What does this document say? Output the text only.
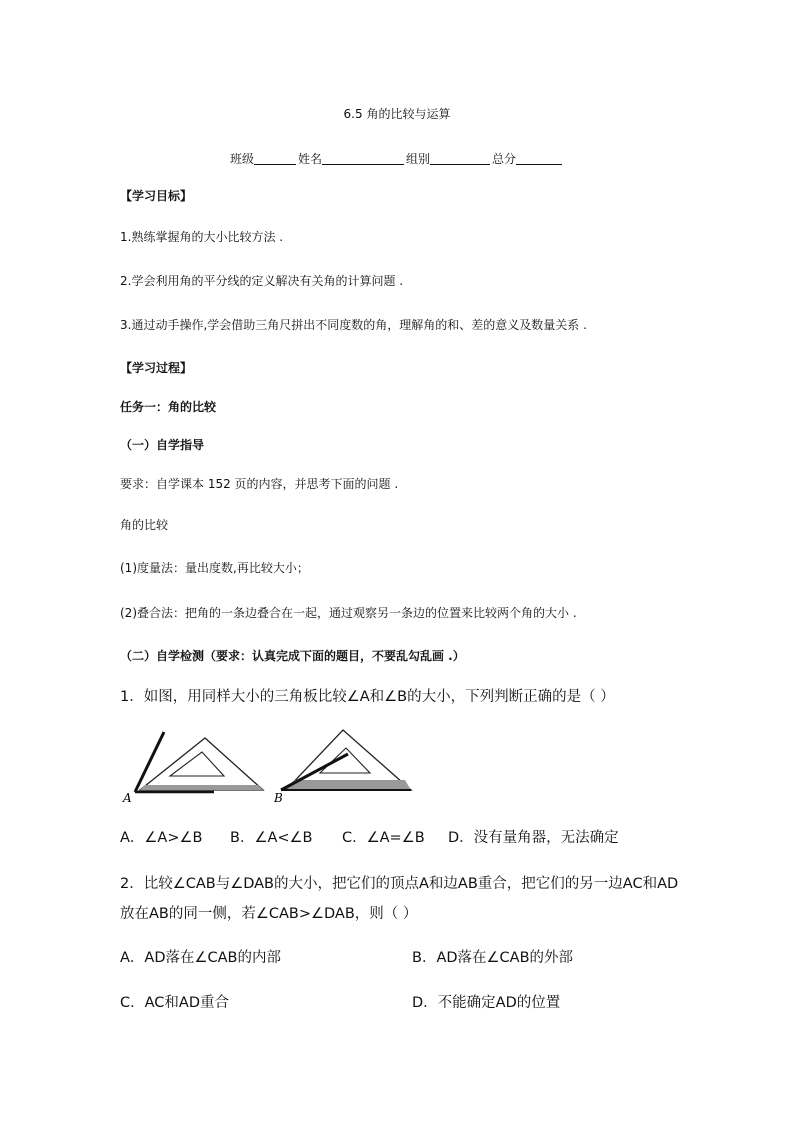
6.5 角的比较与运算
班级	姓名	组别	总分
【学习目标】
1.熟练掌握角的大小比较方法 .
2.学会利用角的平分线的定义解决有关角的计算问题 .
3.通过动手操作,学会借助三角尺拼出不同度数的角，理解角的和、差的意义及数量关系 .
【学习过程】
任务一：角的比较
（一）自学指导
要求：自学课本 152 页的内容，并思考下面的问题 .
角的比较
(1)度量法：量出度数,再比较大小；
(2)叠合法：把角的一条边叠合在一起，通过观察另一条边的位置来比较两个角的大小 .
（二）自学检测（要求：认真完成下面的题目，不要乱勾乱画 .）
1．如图，用同样大小的三角板比较∠A和∠B的大小，下列判断正确的是（ ）
A	B
A．∠A>∠B B．∠A<∠B C．∠A=∠B D．没有量角器，无法确定
2．比较∠CAB与∠DAB的大小，把它们的顶点A和边AB重合，把它们的另一边AC和AD
放在AB的同一侧，若∠CAB>∠DAB，则（ ）
A．AD落在∠CAB的内部	B．AD落在∠CAB的外部
C．AC和AD重合	D．不能确定AD的位置
